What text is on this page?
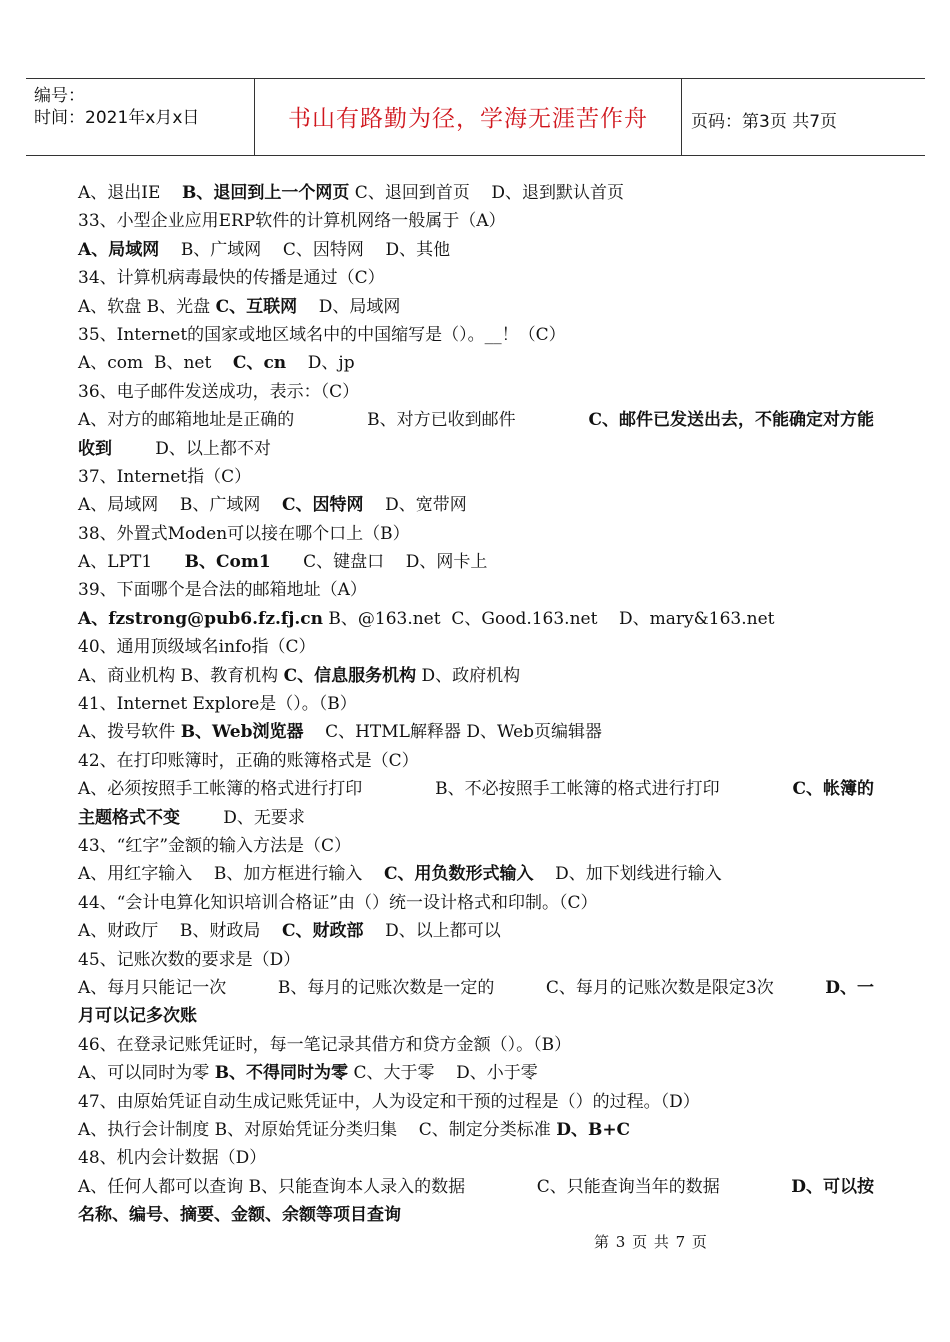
编号：
时间：2021年x月x日	书山有路勤为径，学海无涯苦作舟	页码：第3页 共7页
A、退出IE    B、退回到上一个网页 C、退回到首页    D、退到默认首页
33、小型企业应用ERP软件的计算机网络一般属于（A）
A、局域网    B、广域网    C、因特网    D、其他
34、计算机病毒最快的传播是通过（C）
A、软盘 B、光盘 C、互联网    D、局域网
35、Internet的国家或地区域名中的中国缩写是（）。__！（C）
A、com  B、net    C、cn    D、jp
36、电子邮件发送成功，表示：（C）
A、对方的邮箱地址是正确的	B、对方已收到邮件	C、邮件已发送出去，不能确定对方能
收到        D、以上都不对
37、Internet指（C）
A、局域网    B、广域网    C、因特网    D、宽带网
38、外置式Moden可以接在哪个口上（B）
A、LPT1      B、Com1      C、键盘口    D、网卡上
39、下面哪个是合法的邮箱地址（A）
A、fzstrong@pub6.fz.fj.cn B、@163.net  C、Good.163.net    D、mary&163.net
40、通用顶级域名info指（C）
A、商业机构 B、教育机构 C、信息服务机构 D、政府机构
41、Internet Explore是（）。（B）
A、拨号软件 B、Web浏览器    C、HTML解释器 D、Web页编辑器
42、在打印账簿时，正确的账簿格式是（C）
A、必须按照手工帐簿的格式进行打印	B、不必按照手工帐簿的格式进行打印	C、帐簿的
主题格式不变        D、无要求
43、“红字”金额的输入方法是（C）
A、用红字输入    B、加方框进行输入    C、用负数形式输入    D、加下划线进行输入
44、“会计电算化知识培训合格证”由（）统一设计格式和印制。（C）
A、财政厅    B、财政局    C、财政部    D、以上都可以
45、记账次数的要求是（D）
A、每月只能记一次	B、每月的记账次数是一定的	C、每月的记账次数是限定3次	D、一
月可以记多次账
46、在登录记账凭证时，每一笔记录其借方和贷方金额（）。（B）
A、可以同时为零 B、不得同时为零 C、大于零    D、小于零
47、由原始凭证自动生成记账凭证中，人为设定和干预的过程是（）的过程。（D）
A、执行会计制度 B、对原始凭证分类归集    C、制定分类标准 D、B+C
48、机内会计数据（D）
A、任何人都可以查询 B、只能查询本人录入的数据	C、只能查询当年的数据	D、可以按
名称、编号、摘要、金额、余额等项目查询
第 3 页 共 7 页
